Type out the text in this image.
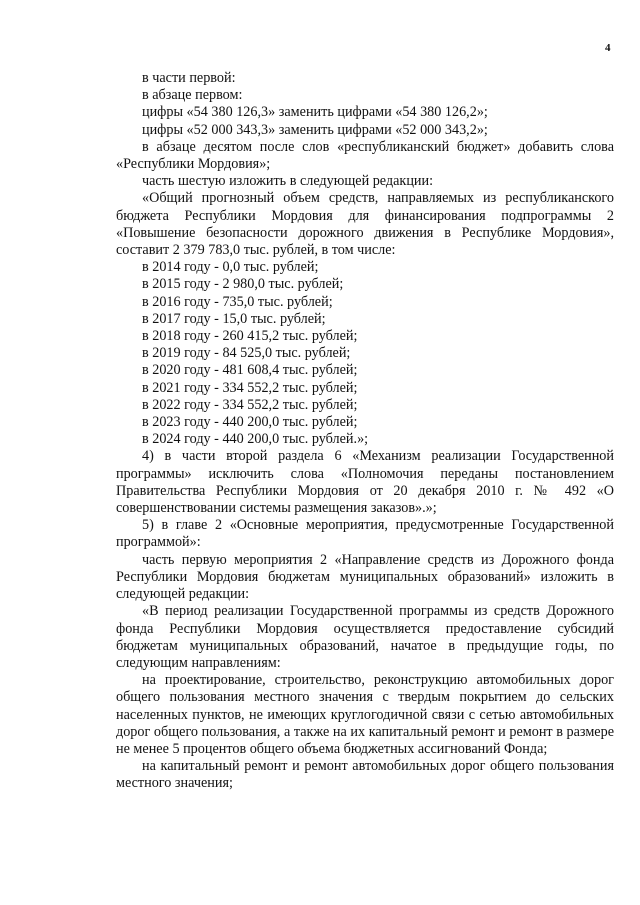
4

в части первой:

в абзаце первом:

цифры «54 380 126,3» заменить цифрами «54 380 126,2»;

цифры «52 000 343,3» заменить цифрами «52 000 343,2»;

в абзаце десятом после слов «республиканский бюджет» добавить слова «Республики Мордовия»;

часть шестую изложить в следующей редакции:

«Общий прогнозный объем средств, направляемых из республиканского бюджета Республики Мордовия для финансирования подпрограммы 2 «Повышение безопасности дорожного движения в Республике Мордовия», составит 2 379 783,0 тыс. рублей, в том числе:

в 2014 году - 0,0 тыс. рублей;

в 2015 году - 2 980,0 тыс. рублей;

в 2016 году - 735,0 тыс. рублей;

в 2017 году - 15,0 тыс. рублей;

в 2018 году - 260 415,2 тыс. рублей;

в 2019 году - 84 525,0 тыс. рублей;

в 2020 году - 481 608,4 тыс. рублей;

в 2021 году - 334 552,2 тыс. рублей;

в 2022 году - 334 552,2 тыс. рублей;

в 2023 году - 440 200,0 тыс. рублей;

в 2024 году - 440 200,0 тыс. рублей.»;

4) в части второй раздела 6 «Механизм реализации Государственной программы» исключить слова «Полномочия переданы постановлением Правительства Республики Мордовия от 20 декабря 2010 г. № 492 «О совершенствовании системы размещения заказов».»;

5) в главе 2 «Основные мероприятия, предусмотренные Государственной программой»:

часть первую мероприятия 2 «Направление средств из Дорожного фонда Республики Мордовия бюджетам муниципальных образований» изложить в следующей редакции:

«В период реализации Государственной программы из средств Дорожного фонда Республики Мордовия осуществляется предоставление субсидий бюджетам муниципальных образований, начатое в предыдущие годы, по следующим направлениям:

на проектирование, строительство, реконструкцию автомобильных дорог общего пользования местного значения с твердым покрытием до сельских населенных пунктов, не имеющих круглогодичной связи с сетью автомобильных дорог общего пользования, а также на их капитальный ремонт и ремонт в размере не менее 5 процентов общего объема бюджетных ассигнований Фонда;

на капитальный ремонт и ремонт автомобильных дорог общего пользования местного значения;
